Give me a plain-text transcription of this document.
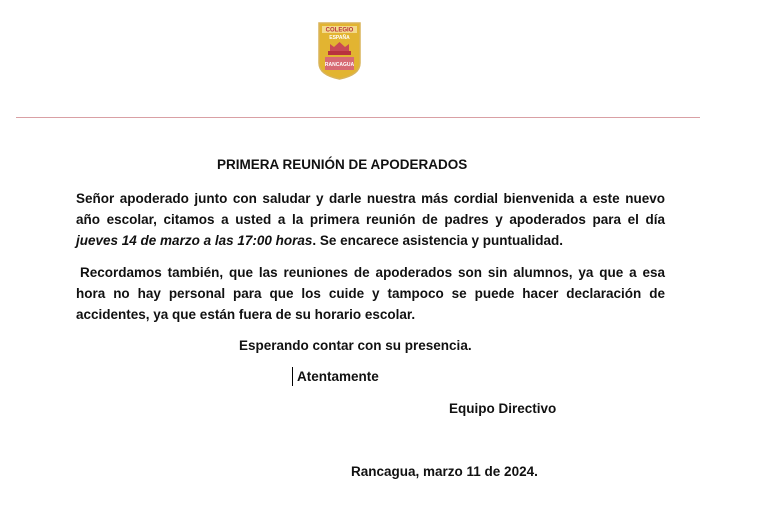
COLEGIO
ESPAÑA
RANCAGUA
PRIMERA REUNIÓN DE APODERADOS
Señor apoderado junto con saludar y darle nuestra más cordial bienvenida a este nuevo año escolar, citamos a usted a la primera reunión de padres y apoderados para el día jueves 14 de marzo a las 17:00 horas. Se encarece asistencia y puntualidad.
Recordamos también, que las reuniones de apoderados son sin alumnos, ya que a esa hora no hay personal para que los cuide y tampoco se puede hacer declaración de accidentes, ya que están fuera de su horario escolar.
Esperando contar con su presencia.
Atentamente
Equipo Directivo
Rancagua, marzo 11 de 2024.
